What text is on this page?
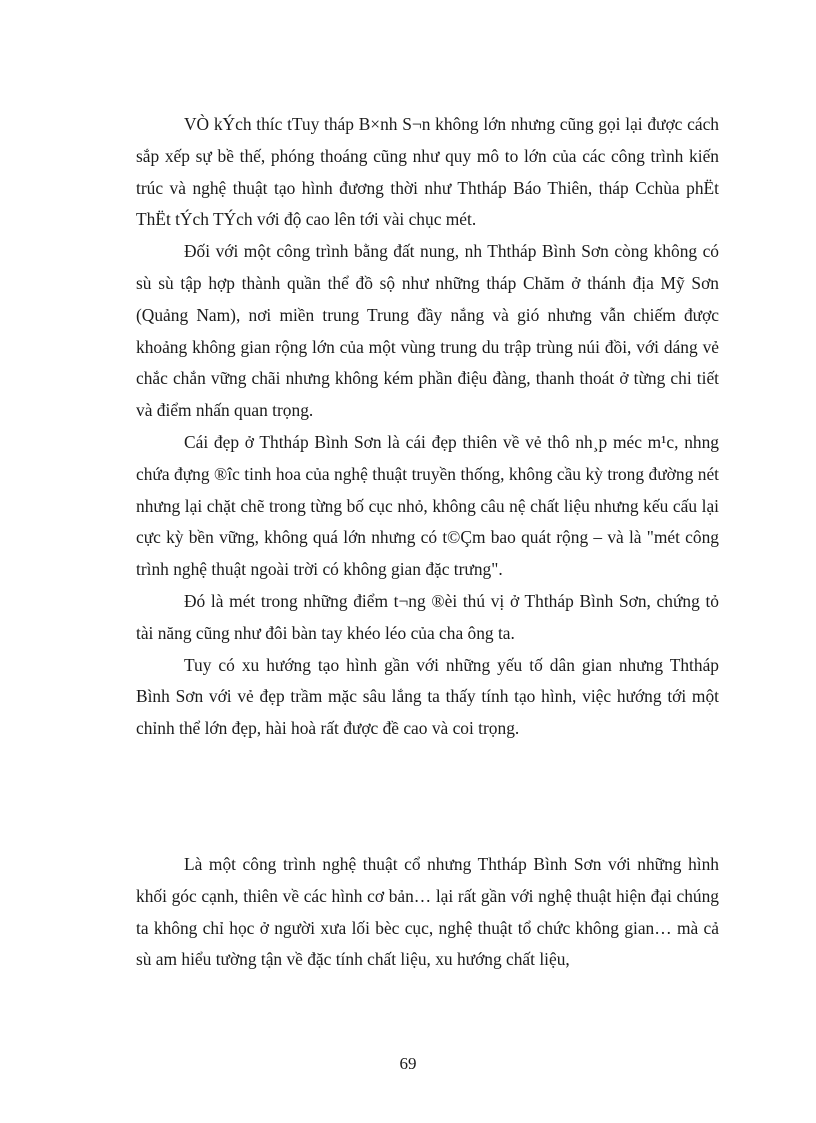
VÒ kÝch thíc tTuy tháp B×nh S¬n không lớn nhưng cũng gọi lại được cách sắp xếp sự bề thế, phóng thoáng cũng như quy mô to lớn của các công trình kiến trúc và nghệ thuật tạo hình đương thời như Ththáp Báo Thiên, tháp Cchùa phËt ThËt tÝch TÝch với độ cao lên tới vài chục mét.

Đối với một công trình bằng đất nung, nh Ththáp Bình Sơn còng không có sù sù tập hợp thành quần thể đồ sộ như những tháp Chăm ở thánh địa Mỹ Sơn (Quảng Nam), nơi miền trung Trung đầy nắng và gió nhưng vẫn chiếm được khoảng không gian rộng lớn của một vùng trung du trập trùng núi đồi, với dáng vẻ chắc chắn vững chãi nhưng không kém phần điệu đàng, thanh thoát ở từng chi tiết và điểm nhấn quan trọng.

Cái đẹp ở Ththáp Bình Sơn là cái đẹp thiên về vẻ thô nh¸p méc m¹c, nhng chứa đựng ®îc tinh hoa của nghệ thuật truyền thống, không cầu kỳ trong đường nét nhưng lại chặt chẽ trong từng bố cục nhỏ, không câu nệ chất liệu nhưng kếu cấu lại cực kỳ bền vững, không quá lớn nhưng có t©Çm bao quát rộng – và là "mét công trình nghệ thuật ngoài trời có không gian đặc trưng".

Đó là mét trong những điểm t¬ng ®èi thú vị ở Ththáp Bình Sơn, chứng tỏ tài năng cũng như đôi bàn tay khéo léo của cha ông ta.

Tuy có xu hướng tạo hình gần với những yếu tố dân gian nhưng Ththáp Bình Sơn với vẻ đẹp trầm mặc sâu lắng ta thấy tính tạo hình, việc hướng tới một chỉnh thể lớn đẹp, hài hoà rất được đề cao và coi trọng.

Là một công trình nghệ thuật cổ nhưng Ththáp Bình Sơn với những hình khối góc cạnh, thiên về các hình cơ bản… lại rất gần với nghệ thuật hiện đại chúng ta không chỉ học ở người xưa lối bèc cục, nghệ thuật tổ chức không gian… mà cả sù am hiểu tường tận về đặc tính chất liệu, xu hướng chất liệu,

69
